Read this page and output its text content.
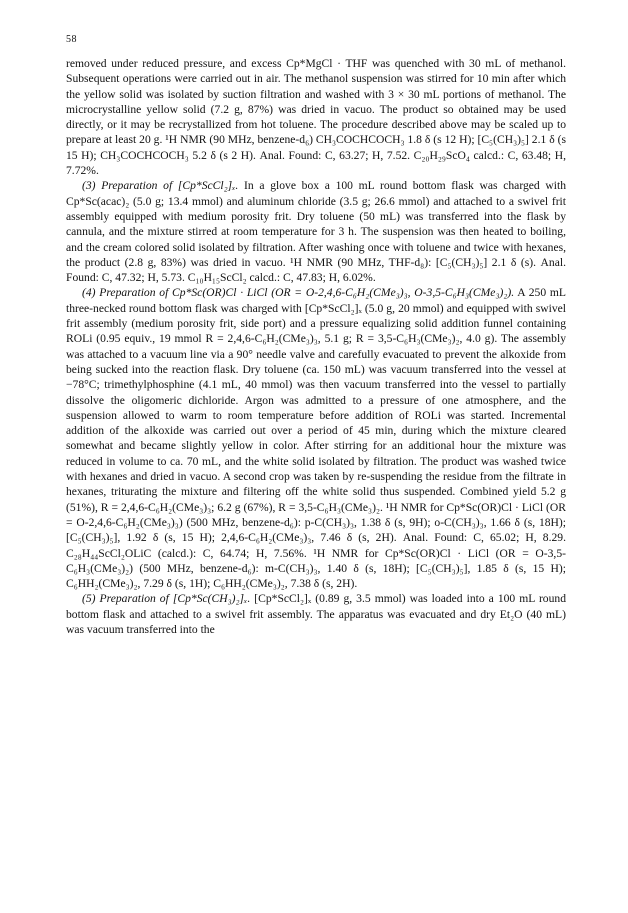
58

removed under reduced pressure, and excess Cp*MgCl · THF was quenched with 30 mL of methanol. Subsequent operations were carried out in air. The methanol suspension was stirred for 10 min after which the yellow solid was isolated by suction filtration and washed with 3 × 30 mL portions of methanol. The microcrystalline yellow solid (7.2 g, 87%) was dried in vacuo. The product so obtained may be used directly, or it may be recrystallized from hot toluene. The procedure described above may be scaled up to prepare at least 20 g. ¹H NMR (90 MHz, benzene-d₆) CH₃COCHCOCH₃ 1.8 δ (s 12 H); [C₅(CH₃)₅] 2.1 δ (s 15 H); CH₃COCHCOCH₃ 5.2 δ (s 2 H). Anal. Found: C, 63.27; H, 7.52. C₂₀H₂₉ScO₄ calcd.: C, 63.48; H, 7.72%.

(3) Preparation of [Cp*ScCl₂]ₓ. In a glove box a 100 mL round bottom flask was charged with Cp*Sc(acac)₂ (5.0 g; 13.4 mmol) and aluminum chloride (3.5 g; 26.6 mmol) and attached to a swivel frit assembly equipped with medium porosity frit. Dry toluene (50 mL) was transferred into the flask by cannula, and the mixture stirred at room temperature for 3 h. The suspension was then heated to boiling, and the cream colored solid isolated by filtration. After washing once with toluene and twice with hexanes, the product (2.8 g, 83%) was dried in vacuo. ¹H NMR (90 MHz, THF-d₈): [C₅(CH₃)₅] 2.1 δ (s). Anal. Found: C, 47.32; H, 5.73. C₁₀H₁₅ScCl₂ calcd.: C, 47.83; H, 6.02%.

(4) Preparation of Cp*Sc(OR)Cl · LiCl (OR = O-2,4,6-C₆H₂(CMe₃)₃, O-3,5-C₆H₃(CMe₃)₂). A 250 mL three-necked round bottom flask was charged with [Cp*ScCl₂]ₓ (5.0 g, 20 mmol) and equipped with swivel frit assembly (medium porosity frit, side port) and a pressure equalizing solid addition funnel containing ROLi (0.95 equiv., 19 mmol R = 2,4,6-C₆H₂(CMe₃)₃, 5.1 g; R = 3,5-C₆H₃(CMe₃)₂, 4.0 g). The assembly was attached to a vacuum line via a 90° needle valve and carefully evacuated to prevent the alkoxide from being sucked into the reaction flask. Dry toluene (ca. 150 mL) was vacuum transferred into the vessel at −78°C; trimethylphosphine (4.1 mL, 40 mmol) was then vacuum transferred into the vessel to partially dissolve the oligomeric dichloride. Argon was admitted to a pressure of one atmosphere, and the suspension allowed to warm to room temperature before addition of ROLi was started. Incremental addition of the alkoxide was carried out over a period of 45 min, during which the mixture cleared somewhat and became slightly yellow in color. After stirring for an additional hour the mixture was reduced in volume to ca. 70 mL, and the white solid isolated by filtration. The product was washed twice with hexanes and dried in vacuo. A second crop was taken by re-suspending the residue from the filtrate in hexanes, triturating the mixture and filtering off the white solid thus suspended. Combined yield 5.2 g (51%), R = 2,4,6-C₆H₂(CMe₃)₃; 6.2 g (67%), R = 3,5-C₆H₃(CMe₃)₂. ¹H NMR for Cp*Sc(OR)Cl · LiCl (OR = O-2,4,6-C₆H₂(CMe₃)₃) (500 MHz, benzene-d₆): p-C(CH₃)₃, 1.38 δ (s, 9H); o-C(CH₃)₃, 1.66 δ (s, 18H); [C₅(CH₃)₅], 1.92 δ (s, 15 H); 2,4,6-C₆H₂(CMe₃)₃, 7.46 δ (s, 2H). Anal. Found: C, 65.02; H, 8.29. C₂₈H₄₄ScCl₂OLiC (calcd.): C, 64.74; H, 7.56%. ¹H NMR for Cp*Sc(OR)Cl · LiCl (OR = O-3,5-C₆H₃(CMe₃)₂) (500 MHz, benzene-d₆): m-C(CH₃)₃, 1.40 δ (s, 18H); [C₅(CH₃)₅], 1.85 δ (s, 15 H); C₆HH₂(CMe₃)₂, 7.29 δ (s, 1H); C₆HH₂(CMe₃)₂, 7.38 δ (s, 2H).

(5) Preparation of [Cp*Sc(CH₃)₂]ₓ. [Cp*ScCl₂]ₓ (0.89 g, 3.5 mmol) was loaded into a 100 mL round bottom flask and attached to a swivel frit assembly. The apparatus was evacuated and dry Et₂O (40 mL) was vacuum transferred into the
